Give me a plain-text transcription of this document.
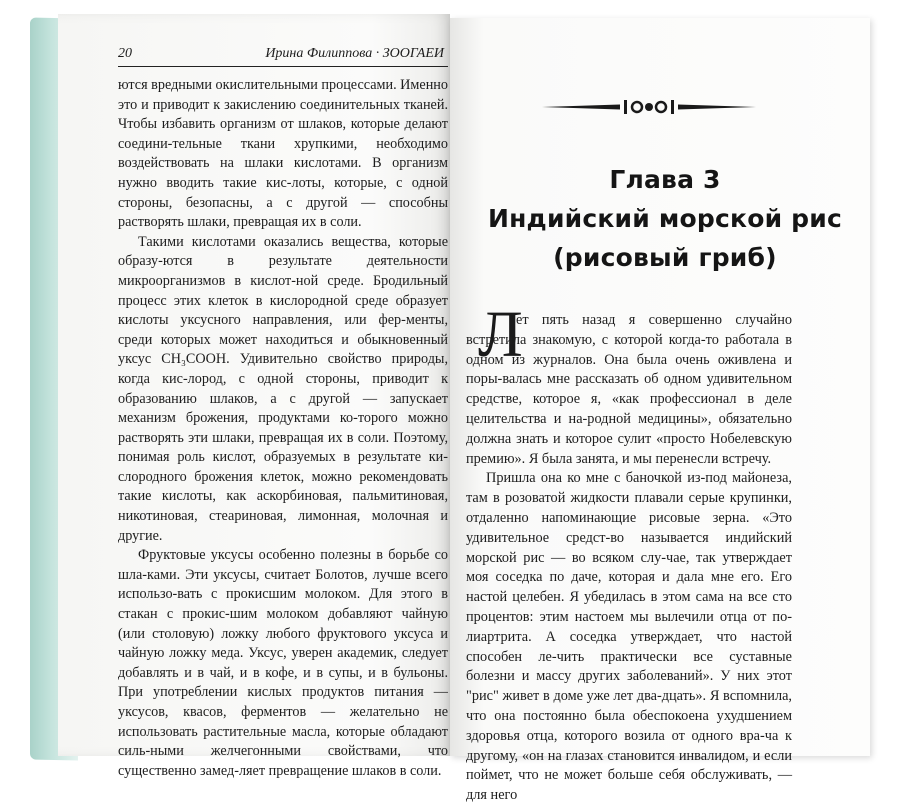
20	Ирина Филиппова · ЗООГАЕИ

ются вредными окислительными процессами. Именно это и приводит к закислению соединительных тканей. Чтобы избавить организм от шлаков, которые делают соедини-тельные ткани хрупкими, необходимо воздействовать на шлаки кислотами. В организм нужно вводить такие кис-лоты, которые, с одной стороны, безопасны, а с другой — способны растворять шлаки, превращая их в соли.

Такими кислотами оказались вещества, которые образу-ются в результате деятельности микроорганизмов в кислот-ной среде. Бродильный процесс этих клеток в кислородной среде образует кислоты уксусного направления, или фер-менты, среди которых может находиться и обыкновенный уксус CH₃COOH. Удивительно свойство природы, когда кис-лород, с одной стороны, приводит к образованию шлаков, а с другой — запускает механизм брожения, продуктами ко-торого можно растворять эти шлаки, превращая их в соли. Поэтому, понимая роль кислот, образуемых в результате ки-слородного брожения клеток, можно рекомендовать такие кислоты, как аскорбиновая, пальмитиновая, никотиновая, стеариновая, лимонная, молочная и другие.

Фруктовые уксусы особенно полезны в борьбе со шла-ками. Эти уксусы, считает Болотов, лучше всего использо-вать с прокисшим молоком. Для этого в стакан с прокис-шим молоком добавляют чайную (или столовую) ложку любого фруктового уксуса и чайную ложку меда. Уксус, уверен академик, следует добавлять и в чай, и в кофе, и в супы, и в бульоны. При употреблении кислых продуктов питания — уксусов, квасов, ферментов — желательно не использовать растительные масла, которые обладают силь-ными желчегонными свойствами, что существенно замед-ляет превращение шлаков в соли.

Глава 3
Индийский морской рис
(рисовый гриб)
Л

ет пять назад я совершенно случайно встретила знакомую, с которой когда-то работала в одном из журналов. Она была очень оживлена и поры-валась мне рассказать об одном удивительном средстве, которое я, «как профессионал в деле целительства и на-родной медицины», обязательно должна знать и которое сулит «просто Нобелевскую премию». Я была занята, и мы перенесли встречу.

Пришла она ко мне с баночкой из-под майонеза, там в розоватой жидкости плавали серые крупинки, отдаленно напоминающие рисовые зерна. «Это удивительное средст-во называется индийский морской рис — во всяком слу-чае, так утверждает моя соседка по даче, которая и дала мне его. Его настой целебен. Я убедилась в этом сама на все сто процентов: этим настоем мы вылечили отца от по-лиартрита. А соседка утверждает, что настой способен ле-чить практически все суставные болезни и массу других заболеваний». У них этот "рис" живет в доме уже лет два-дцать». Я вспомнила, что она постоянно была обеспокоена ухудшением здоровья отца, которого возила от одного вра-ча к другому, «он на глазах становится инвалидом, и если поймет, что не может больше себя обслуживать, — для него
